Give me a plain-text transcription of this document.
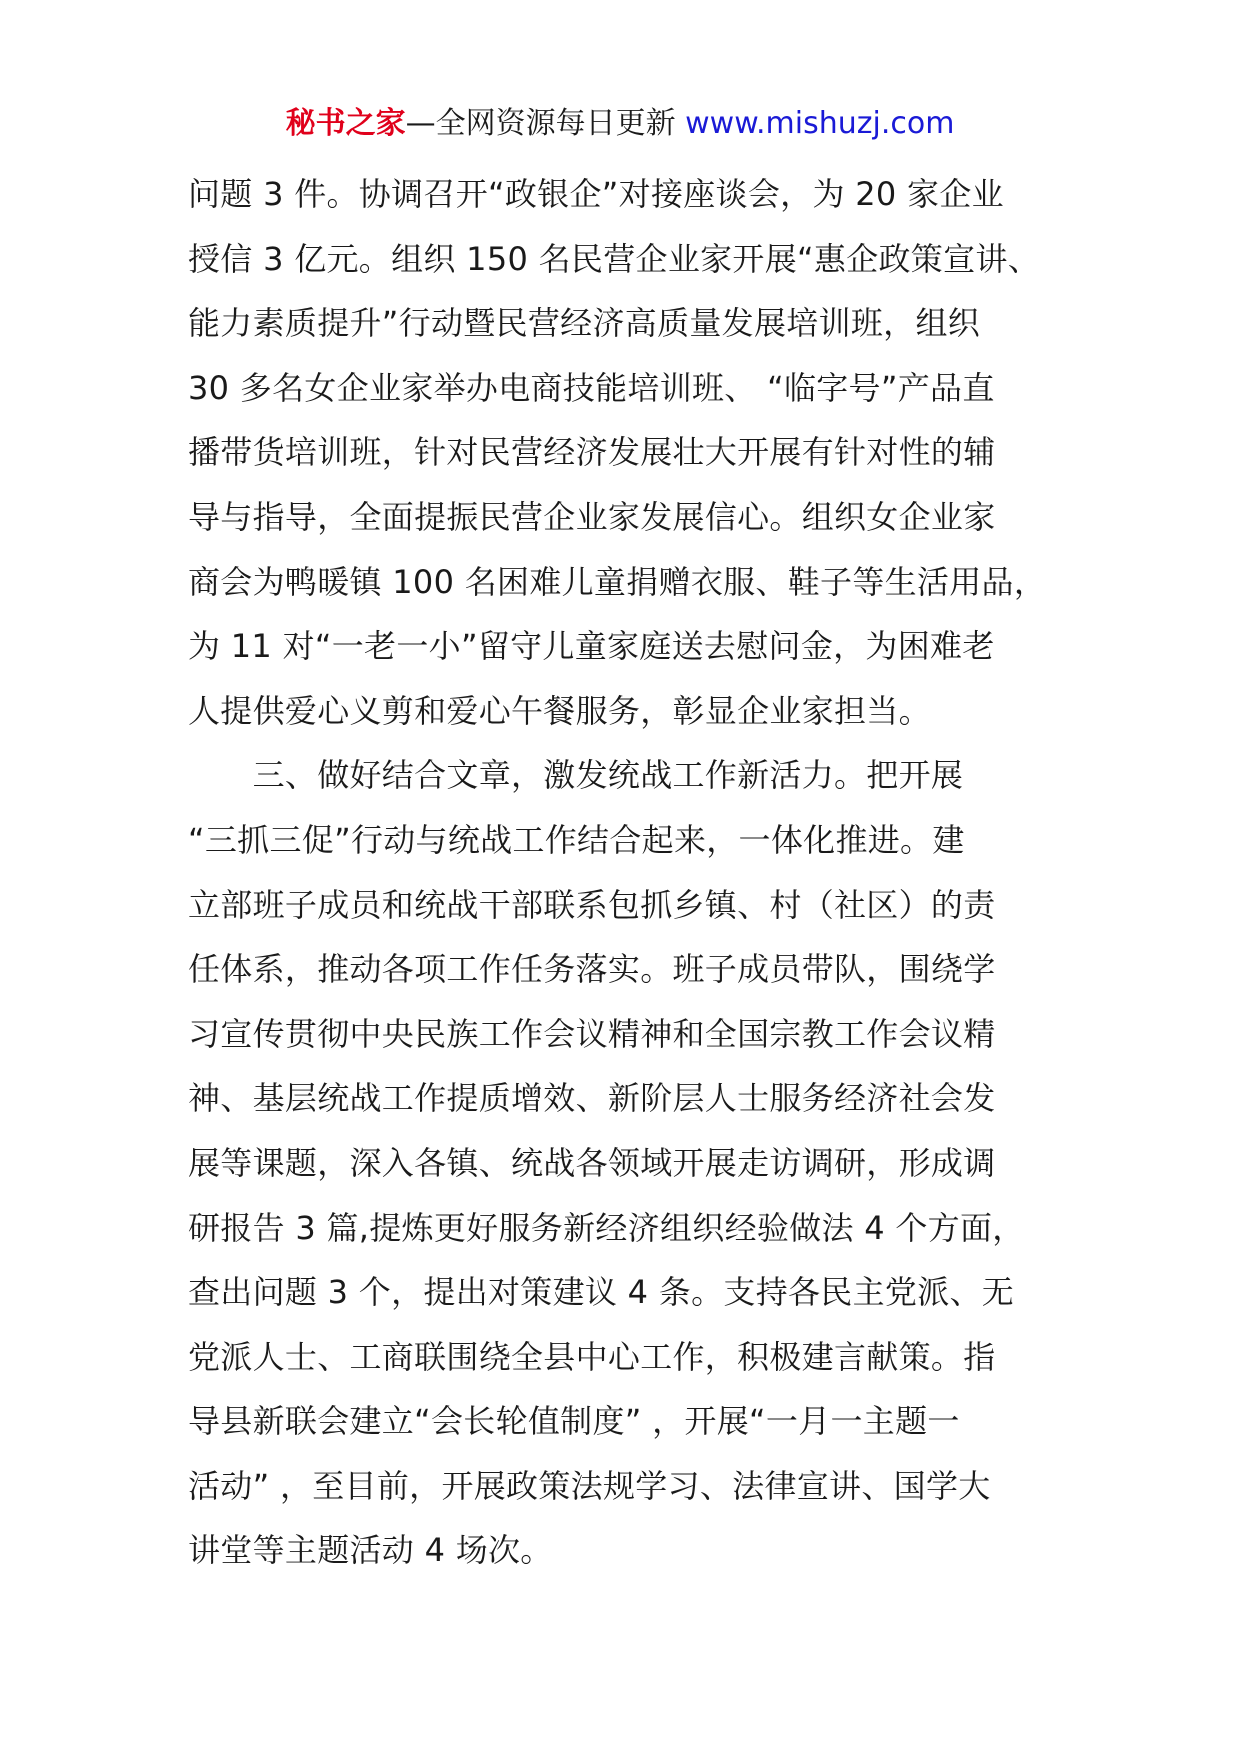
秘书之家—全网资源每日更新 www.mishuzj.com
问题 3 件。协调召开“政银企”对接座谈会，为 20 家企业
授信 3 亿元。组织 150 名民营企业家开展“惠企政策宣讲、
能力素质提升”行动暨民营经济高质量发展培训班，组织
30 多名女企业家举办电商技能培训班、 “临字号”产品直
播带货培训班，针对民营经济发展壮大开展有针对性的辅
导与指导，全面提振民营企业家发展信心。组织女企业家
商会为鸭暖镇 100 名困难儿童捐赠衣服、鞋子等生活用品，
为 11 对“一老一小”留守儿童家庭送去慰问金，为困难老
人提供爱心义剪和爱心午餐服务，彰显企业家担当。
　　三、做好结合文章，激发统战工作新活力。把开展
“三抓三促”行动与统战工作结合起来，一体化推进。建
立部班子成员和统战干部联系包抓乡镇、村（社区）的责
任体系，推动各项工作任务落实。班子成员带队，围绕学
习宣传贯彻中央民族工作会议精神和全国宗教工作会议精
神、基层统战工作提质增效、新阶层人士服务经济社会发
展等课题，深入各镇、统战各领域开展走访调研，形成调
研报告 3 篇,提炼更好服务新经济组织经验做法 4 个方面，
查出问题 3 个，提出对策建议 4 条。支持各民主党派、无
党派人士、工商联围绕全县中心工作，积极建言献策。指
导县新联会建立“会长轮值制度” ，开展“一月一主题一
活动” ，至目前，开展政策法规学习、法律宣讲、国学大
讲堂等主题活动 4 场次。
